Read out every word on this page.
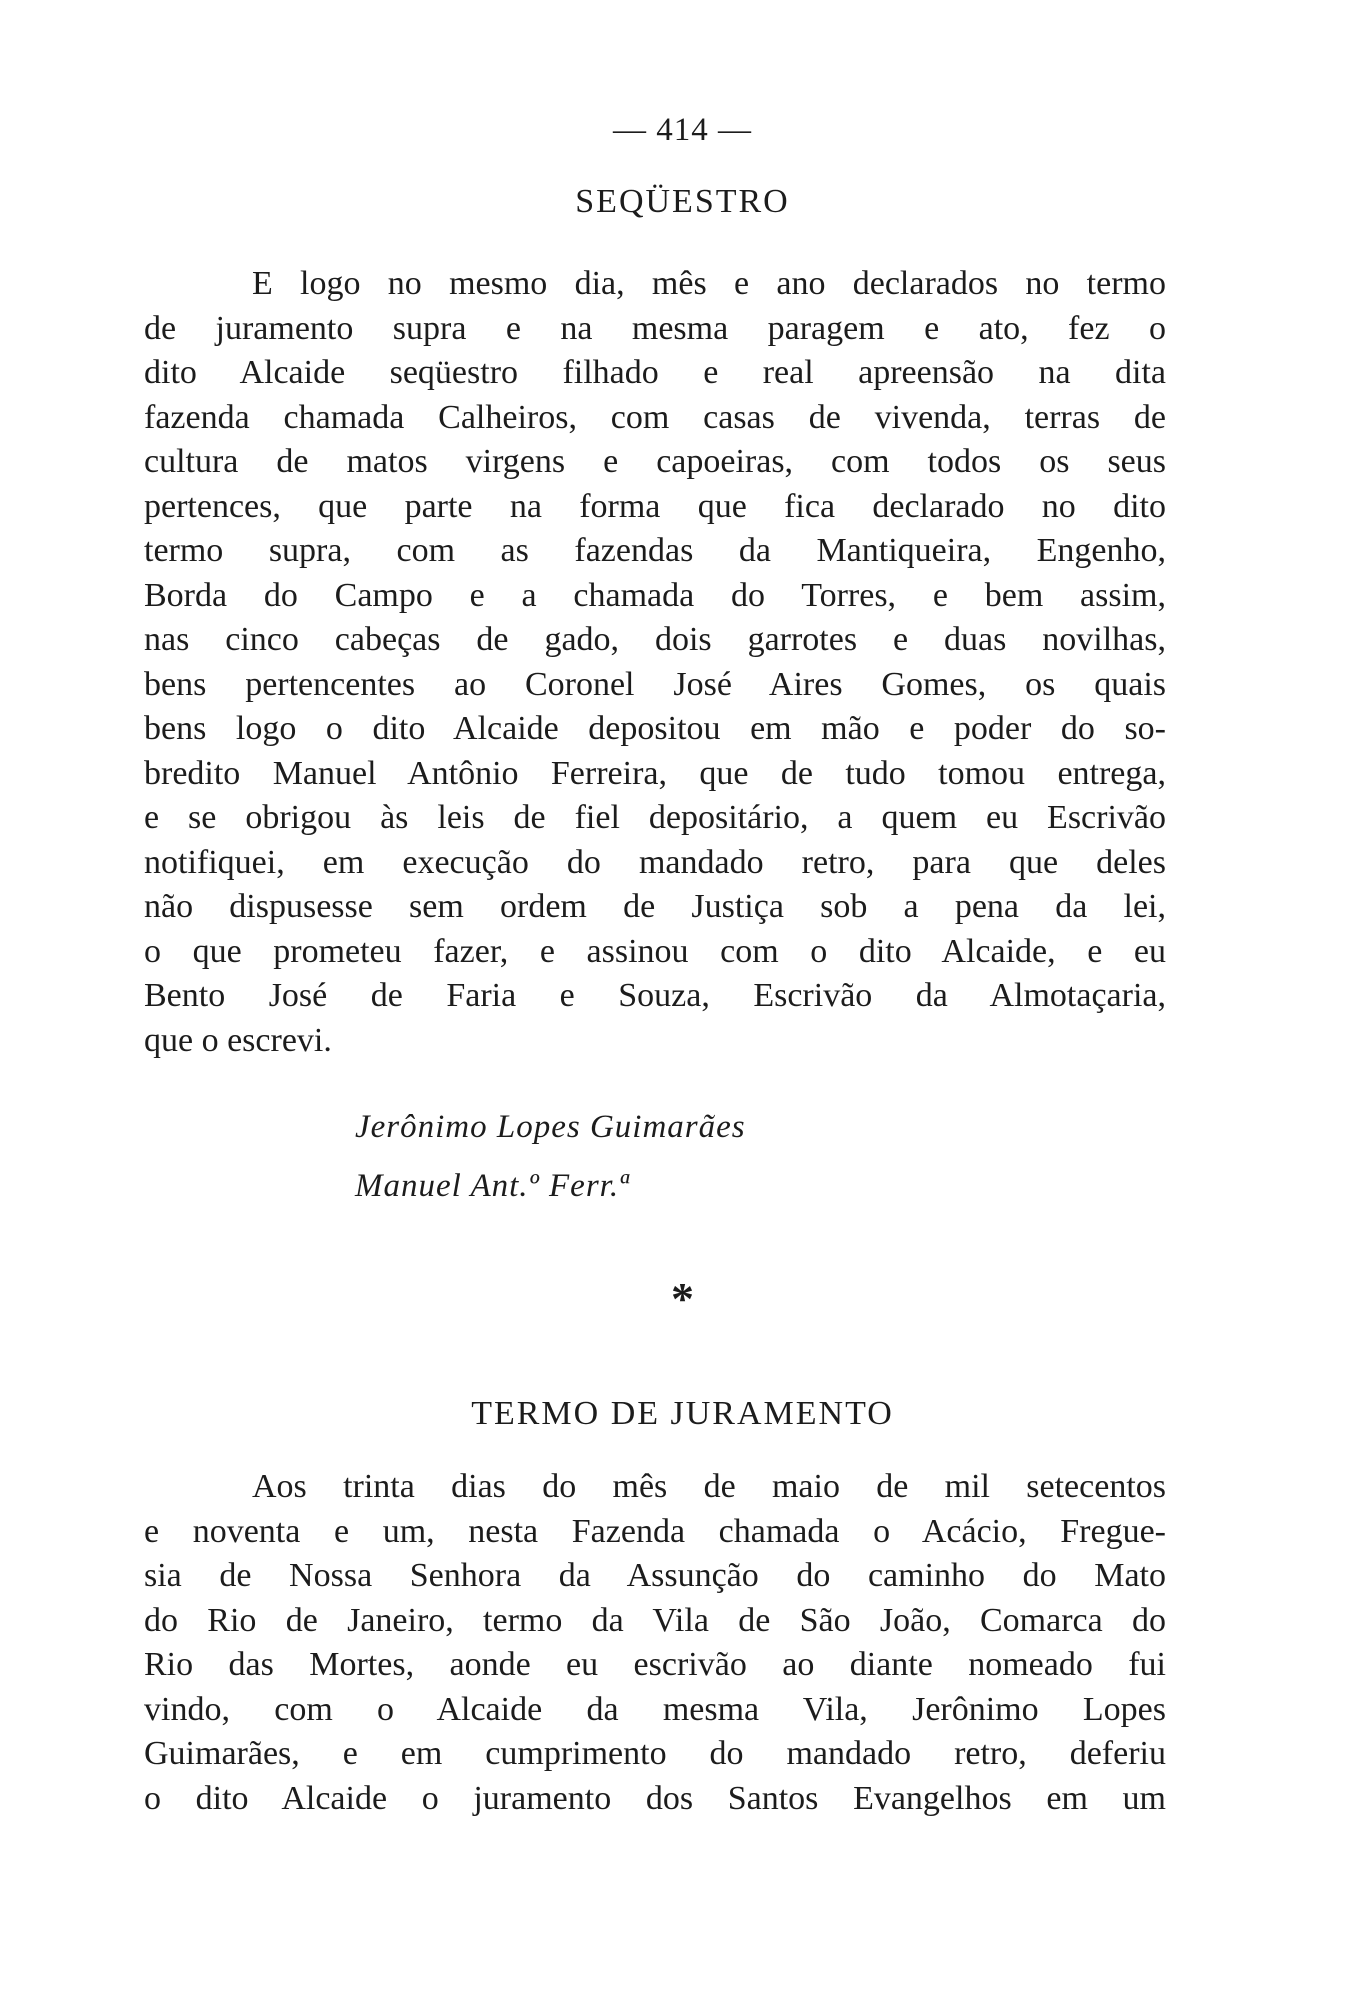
— 414 —
SEQÜESTRO
E logo no mesmo dia, mês e ano declarados no termo
de juramento supra e na mesma paragem e ato, fez o
dito Alcaide seqüestro filhado e real apreensão na dita
fazenda chamada Calheiros, com casas de vivenda, terras de
cultura de matos virgens e capoeiras, com todos os seus
pertences, que parte na forma que fica declarado no dito
termo supra, com as fazendas da Mantiqueira, Engenho,
Borda do Campo e a chamada do Torres, e bem assim,
nas cinco cabeças de gado, dois garrotes e duas novilhas,
bens pertencentes ao Coronel José Aires Gomes, os quais
bens logo o dito Alcaide depositou em mão e poder do so-
bredito Manuel Antônio Ferreira, que de tudo tomou entrega,
e se obrigou às leis de fiel depositário, a quem eu Escrivão
notifiquei, em execução do mandado retro, para que deles
não dispusesse sem ordem de Justiça sob a pena da lei,
o que prometeu fazer, e assinou com o dito Alcaide, e eu
Bento José de Faria e Souza, Escrivão da Almotaçaria,
que o escrevi.
Jerônimo Lopes Guimarães
Manuel Ant.º Ferr.ª
*
TERMO DE JURAMENTO
Aos trinta dias do mês de maio de mil setecentos
e noventa e um, nesta Fazenda chamada o Acácio, Fregue-
sia de Nossa Senhora da Assunção do caminho do Mato
do Rio de Janeiro, termo da Vila de São João, Comarca do
Rio das Mortes, aonde eu escrivão ao diante nomeado fui
vindo, com o Alcaide da mesma Vila, Jerônimo Lopes
Guimarães, e em cumprimento do mandado retro, deferiu
o dito Alcaide o juramento dos Santos Evangelhos em um
